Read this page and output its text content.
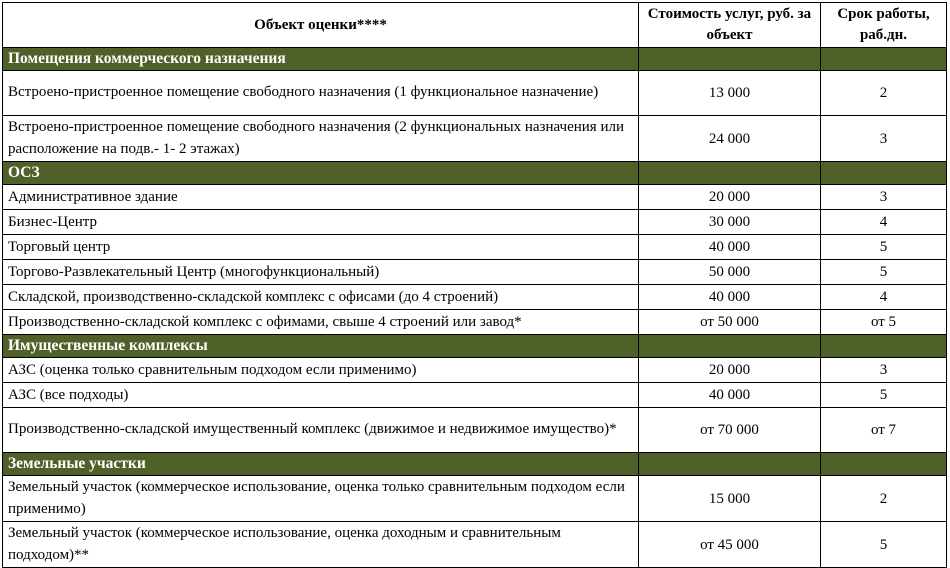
Объект оценки****	Стоимость услуг, руб. за объект	Срок работы, раб.дн.
Помещения коммерческого назначения		
Встроено-пристроенное помещение свободного назначения (1 функциональное назначение)	13 000	2
Встроено-пристроенное помещение свободного назначения (2 функциональных назначения или расположение на подв.- 1- 2 этажах)	24 000	3
ОСЗ		
Административное здание	20 000	3
Бизнес-Центр	30 000	4
Торговый центр	40 000	5
Торгово-Развлекательный Центр (многофункциональный)	50 000	5
Складской, производственно-складской комплекс с офисами (до 4 строений)	40 000	4
Производственно-складской комплекс с офимами, свыше 4 строений или завод*	от 50 000	от 5
Имущественные комплексы		
АЗС (оценка только сравнительным подходом если применимо)	20 000	3
АЗС (все подходы)	40 000	5
Производственно-складской имущественный комплекс (движимое и недвижимое имущество)*	от 70 000	от 7
Земельные участки		
Земельный участок (коммерческое использование, оценка только сравнительным подходом если применимо)	15 000	2
Земельный участок (коммерческое использование, оценка доходным и сравнительным подходом)**	от 45 000	5
